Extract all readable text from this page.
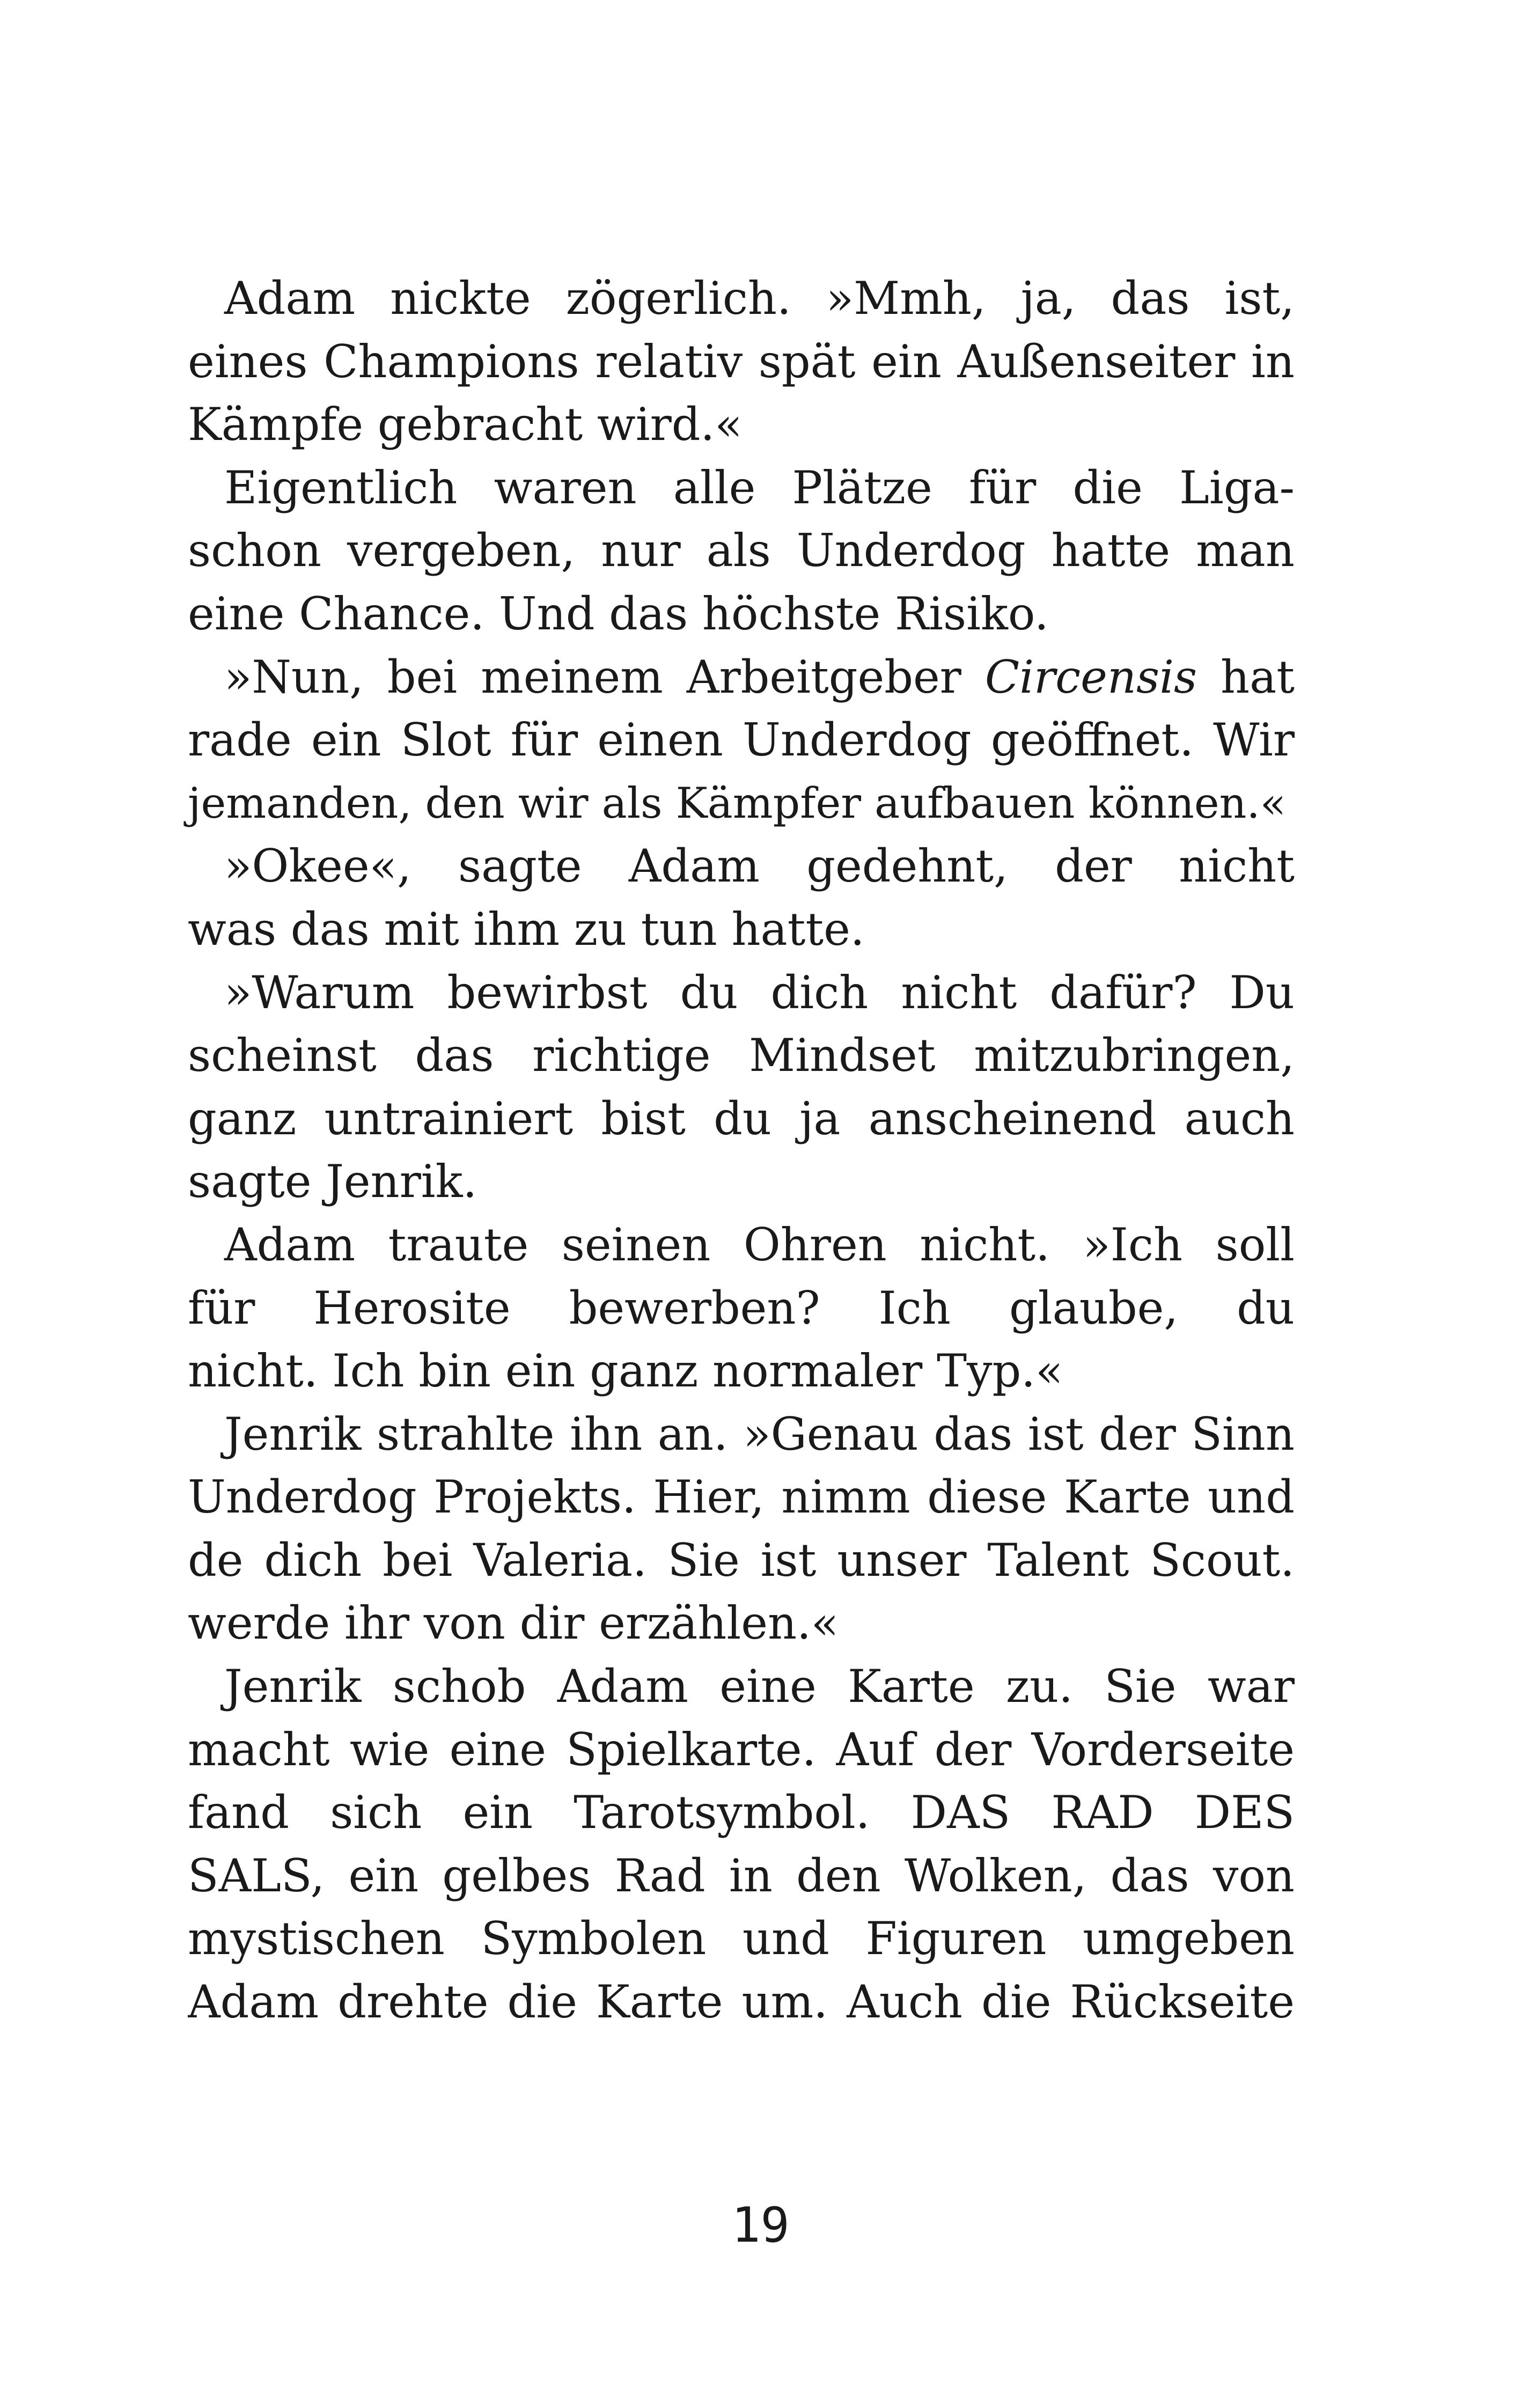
Adam nickte zögerlich. »Mmh, ja, das ist,
eines Champions relativ spät ein Außenseiter in
Kämpfe gebracht wird.«
Eigentlich waren alle Plätze für die Liga-
schon vergeben, nur als Underdog hatte man
eine Chance. Und das höchste Risiko.
»Nun, bei meinem Arbeitgeber Circensis hat
rade ein Slot für einen Underdog geöffnet. Wir
jemanden, den wir als Kämpfer aufbauen können.«
»Okee«, sagte Adam gedehnt, der nicht
was das mit ihm zu tun hatte.
»Warum bewirbst du dich nicht dafür? Du
scheinst das richtige Mindset mitzubringen,
ganz untrainiert bist du ja anscheinend auch
sagte Jenrik.
Adam traute seinen Ohren nicht. »Ich soll
für Herosite bewerben? Ich glaube, du
nicht. Ich bin ein ganz normaler Typ.«
Jenrik strahlte ihn an. »Genau das ist der Sinn
Underdog Projekts. Hier, nimm diese Karte und
de dich bei Valeria. Sie ist unser Talent Scout.
werde ihr von dir erzählen.«
Jenrik schob Adam eine Karte zu. Sie war
macht wie eine Spielkarte. Auf der Vorderseite
fand sich ein Tarotsymbol. DAS RAD DES
SALS, ein gelbes Rad in den Wolken, das von
mystischen Symbolen und Figuren umgeben
Adam drehte die Karte um. Auch die Rückseite
19
